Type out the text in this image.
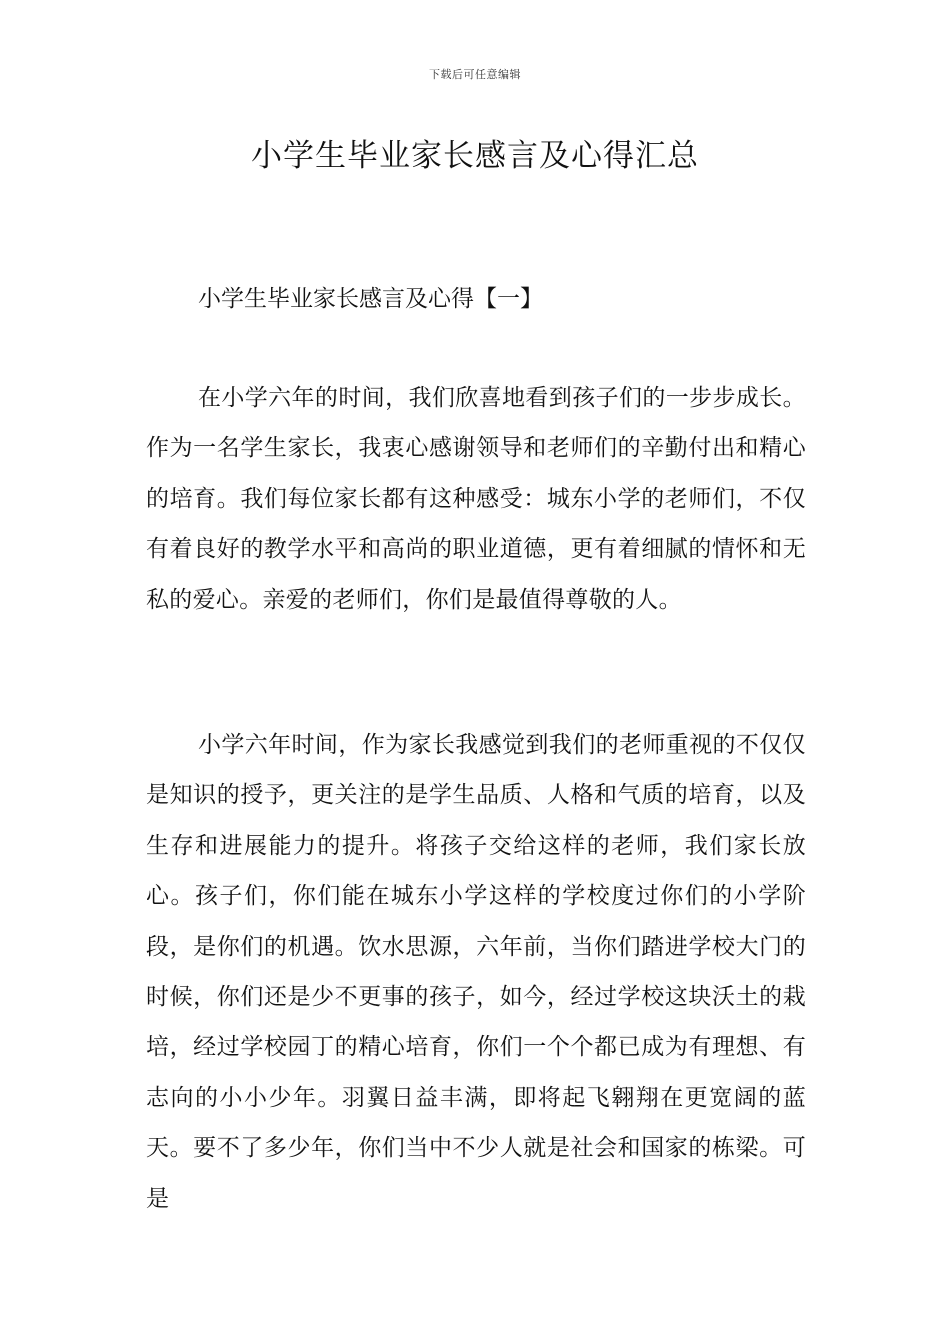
下载后可任意编辑
小学生毕业家长感言及心得汇总
小学生毕业家长感言及心得【一】

在小学六年的时间，我们欣喜地看到孩子们的一步步成长。作为一名学生家长，我衷心感谢领导和老师们的辛勤付出和精心的培育。我们每位家长都有这种感受：城东小学的老师们，不仅有着良好的教学水平和高尚的职业道德，更有着细腻的情怀和无私的爱心。亲爱的老师们，你们是最值得尊敬的人。

小学六年时间，作为家长我感觉到我们的老师重视的不仅仅是知识的授予，更关注的是学生品质、人格和气质的培育，以及生存和进展能力的提升。将孩子交给这样的老师，我们家长放心。孩子们，你们能在城东小学这样的学校度过你们的小学阶段，是你们的机遇。饮水思源，六年前，当你们踏进学校大门的时候，你们还是少不更事的孩子，如今，经过学校这块沃土的栽培，经过学校园丁的精心培育，你们一个个都已成为有理想、有志向的小小少年。羽翼日益丰满，即将起飞翱翔在更宽阔的蓝天。要不了多少年，你们当中不少人就是社会和国家的栋梁。可是
